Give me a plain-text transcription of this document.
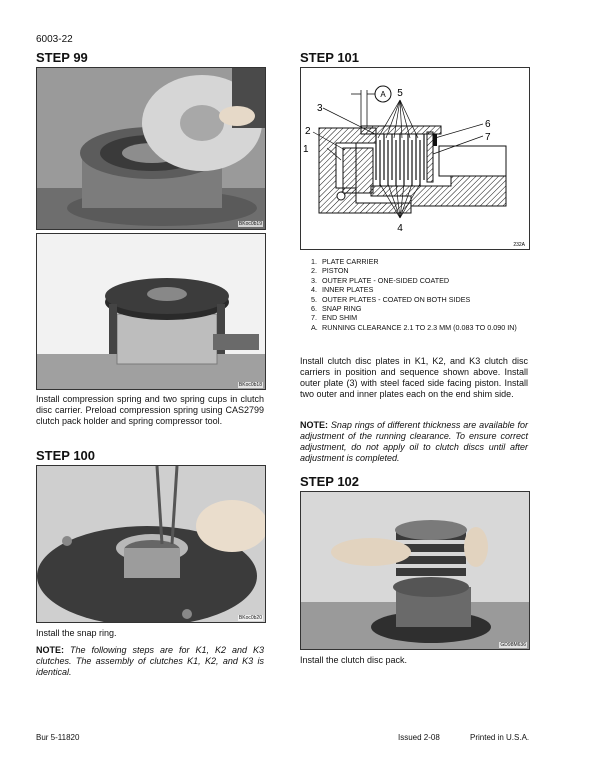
6003-22
STEP 99
BKoc0b19
BKoc0b18
Install compression spring and two spring cups in clutch disc carrier. Preload compression spring using CAS2799 clutch pack holder and spring compressor tool.
STEP 100
BKoc0b20
Install the snap ring.
NOTE: The following steps are for K1, K2 and K3 clutches. The assembly of clutches K1, K2, and K3 is identical.
STEP 101
A 5
3
2
1
6
7
4
232A
1. PLATE CARRIER
2. PISTON
3. OUTER PLATE - ONE-SIDED COATED
4. INNER PLATES
5. OUTER PLATES - COATED ON BOTH SIDES
6. SNAP RING
7. END SHIM
A. RUNNING CLEARANCE 2.1 TO 2.3 MM (0.083 TO 0.090 IN)
Install clutch disc plates in K1, K2, and K3 clutch disc carriers in position and sequence shown above. Install outer plate (3) with steel faced side facing piston. Install two outer and inner plates each on the end shim side.
NOTE: Snap rings of different thickness are available for adjustment of the running clearance. To ensure correct adjustment, do not apply oil to clutch discs until after adjustment is completed.
STEP 102
GD98M636
Install the clutch disc pack.
Bur 5-11820	Issued 2-08	Printed in U.S.A.
